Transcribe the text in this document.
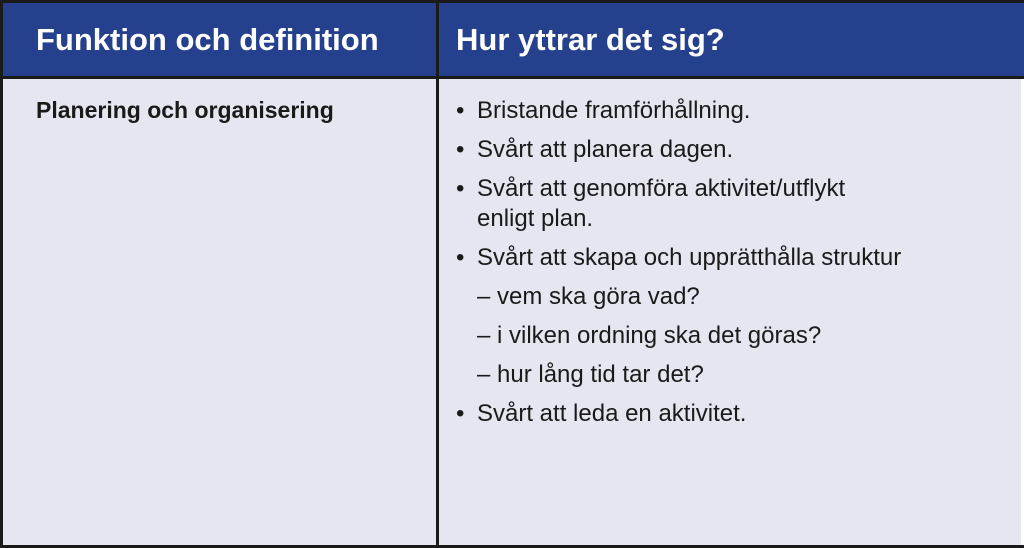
Funktion och definition Hur yttrar det sig?
Planering och organisering	• Bristande framförhållning.
• Svårt att planera dagen.
• Svårt att genomföra aktivitet/utflykt enligt plan.
• Svårt att skapa och upprätthålla struktur
– vem ska göra vad?
– i vilken ordning ska det göras?
– hur lång tid tar det?
• Svårt att leda en aktivitet.
